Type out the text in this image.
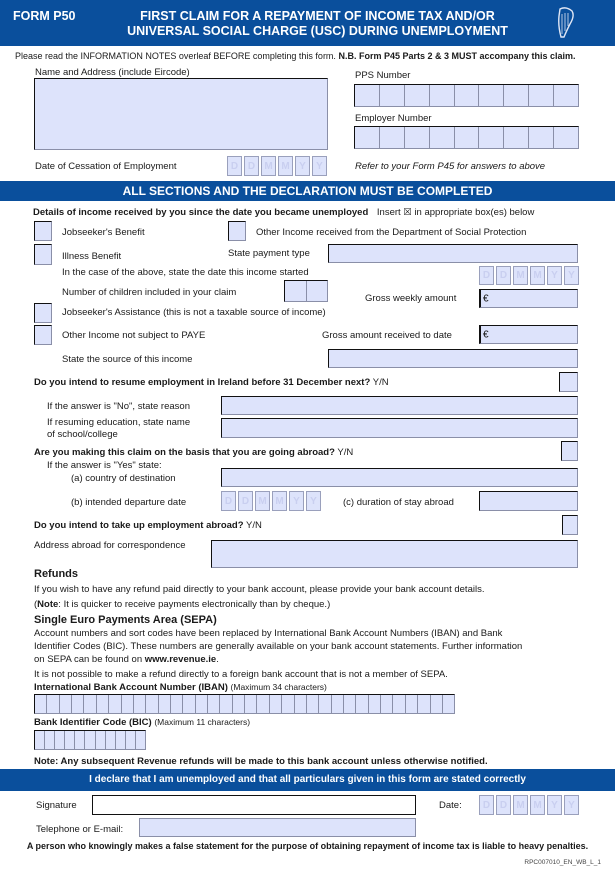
FORM P50	FIRST CLAIM FOR A REPAYMENT OF INCOME TAX AND/OR
UNIVERSAL SOCIAL CHARGE (USC) DURING UNEMPLOYMENT
Please read the INFORMATION NOTES overleaf BEFORE completing this form. N.B. Form P45 Parts 2 & 3 MUST accompany this claim.
Name and Address (include Eircode)	PPS Number
Employer Number
Date of Cessation of Employment	D D M M Y	Y	Refer to your Form P45 for answers to above
ALL SECTIONS AND THE DECLARATION MUST BE COMPLETED
Details of income received by you since the date you became unemployed Insert ☒ in appropriate box(es) below
Jobseeker's Benefit	Other Income received from the Department of Social Protection
Illness Benefit	State payment type
In the case of the above, state the date this income started	D D M M Y	Y
Number of children included in your claim
Gross weekly amount	€
Jobseeker's Assistance (this is not a taxable source of income)
Other Income not subject to PAYE	Gross amount received to date	€
State the source of this income
Do you intend to resume employment in Ireland before 31 December next? Y/N
If the answer is "No", state reason
If resuming education, state name
of school/college
Are you making this claim on the basis that you are going abroad? Y/N
If the answer is "Yes" state:
(a) country of destination
(b) intended departure date	D D M M Y	Y	(c) duration of stay abroad
Do you intend to take up employment abroad? Y/N
Address abroad for correspondence
Refunds
If you wish to have any refund paid directly to your bank account, please provide your bank account details.
(Note: It is quicker to receive payments electronically than by cheque.)
Single Euro Payments Area (SEPA)
Account numbers and sort codes have been replaced by International Bank Account Numbers (IBAN) and Bank
Identifier Codes (BIC). These numbers are generally available on your bank account statements. Further information
on SEPA can be found on www.revenue.ie.
It is not possible to make a refund directly to a foreign bank account that is not a member of SEPA.
International Bank Account Number (IBAN) (Maximum 34 characters)
Bank Identifier Code (BIC) (Maximum 11 characters)
Note: Any subsequent Revenue refunds will be made to this bank account unless otherwise notified.
I declare that I am unemployed and that all particulars given in this form are stated correctly
Signature	Date:	D D M M Y	Y
Telephone or E-mail:
A person who knowingly makes a false statement for the purpose of obtaining repayment of income tax is liable to heavy penalties.
RPC007010_EN_WB_L_1
